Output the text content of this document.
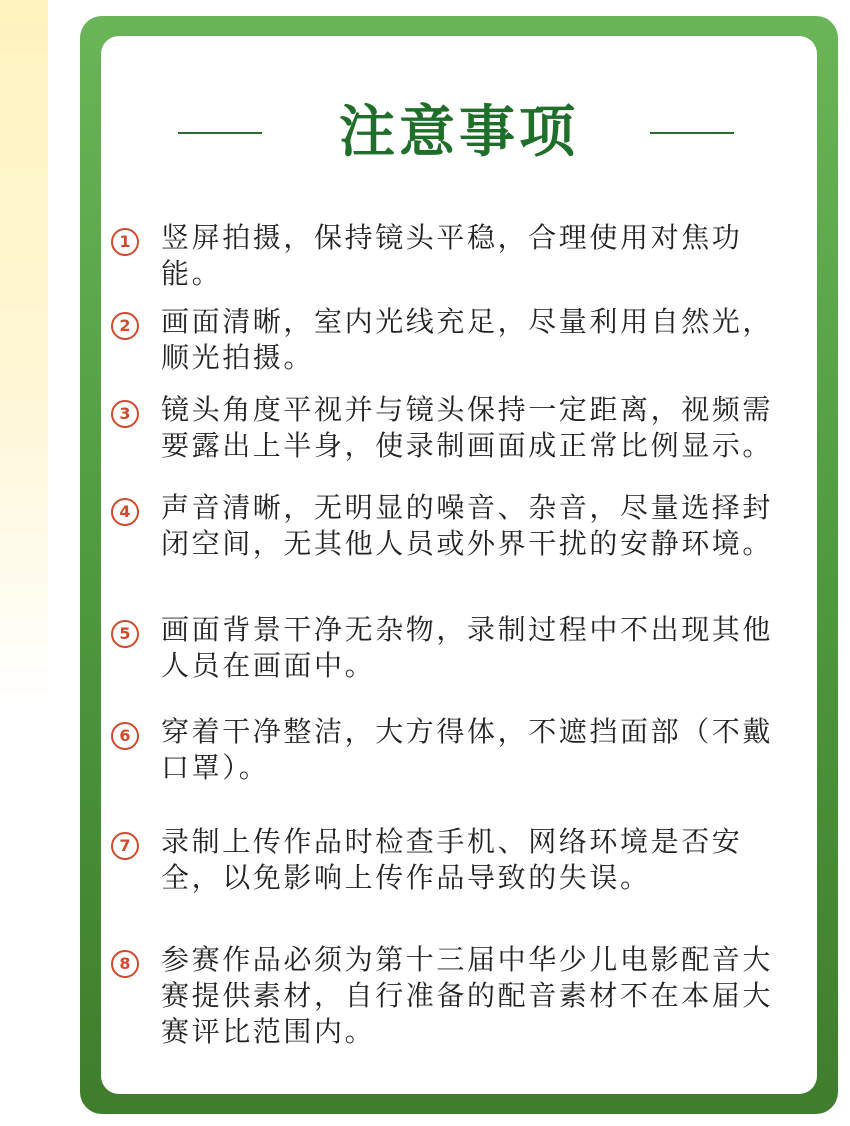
注意事项
1	竖屏拍摄，保持镜头平稳，合理使用对焦功能。
2	画面清晰，室内光线充足，尽量利用自然光，顺光拍摄。
3	镜头角度平视并与镜头保持一定距离，视频需要露出上半身，使录制画面成正常比例显示。
4	声音清晰，无明显的噪音、杂音，尽量选择封闭空间，无其他人员或外界干扰的安静环境。
5	画面背景干净无杂物，录制过程中不出现其他人员在画面中。
6	穿着干净整洁，大方得体，不遮挡面部（不戴口罩）。
7	录制上传作品时检查手机、网络环境是否安全，以免影响上传作品导致的失误。
8	参赛作品必须为第十三届中华少儿电影配音大赛提供素材，自行准备的配音素材不在本届大赛评比范围内。
